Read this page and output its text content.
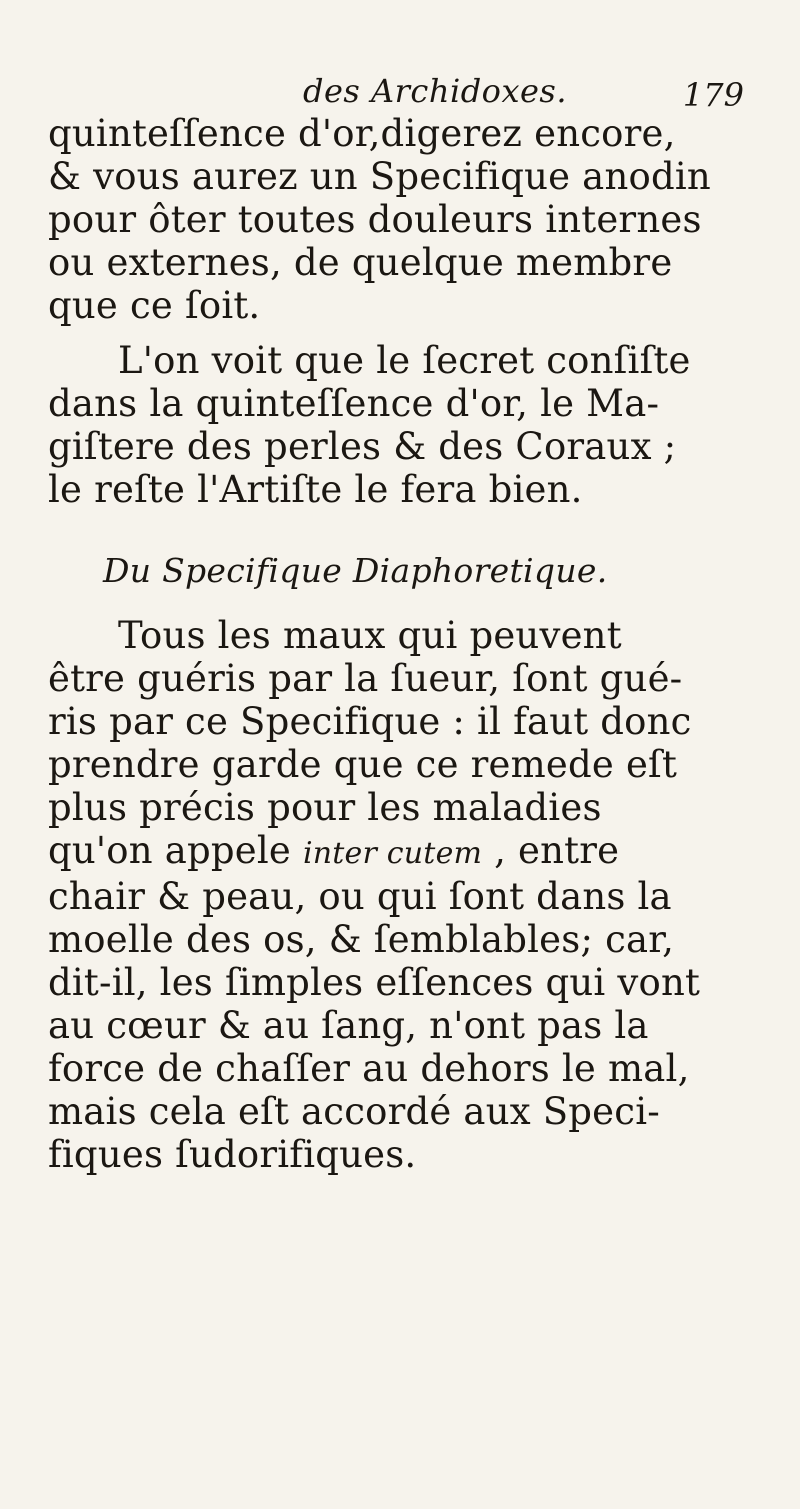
des Archidoxes.	179

quinteſſence d'or,digerez encore,
& vous aurez un Specifique anodin
pour ôter toutes douleurs internes
ou externes, de quelque membre
que ce ſoit.

L'on voit que le ſecret conſiſte
dans la quinteſſence d'or, le Ma-
giſtere des perles & des Coraux ;
le reſte l'Artiſte le fera bien.

Du Specifique Diaphoretique.

Tous les maux qui peuvent
être guéris par la ſueur, ſont gué-
ris par ce Specifique : il faut donc
prendre garde que ce remede eſt
plus précis pour les maladies
qu'on appele inter cutem , entre
chair & peau, ou qui ſont dans la
moelle des os, & ſemblables; car,
dit-il, les ſimples eſſences qui vont
au cœur & au ſang, n'ont pas la
force de chaſſer au dehors le mal,
mais cela eſt accordé aux Speci-
fiques ſudorifiques.
